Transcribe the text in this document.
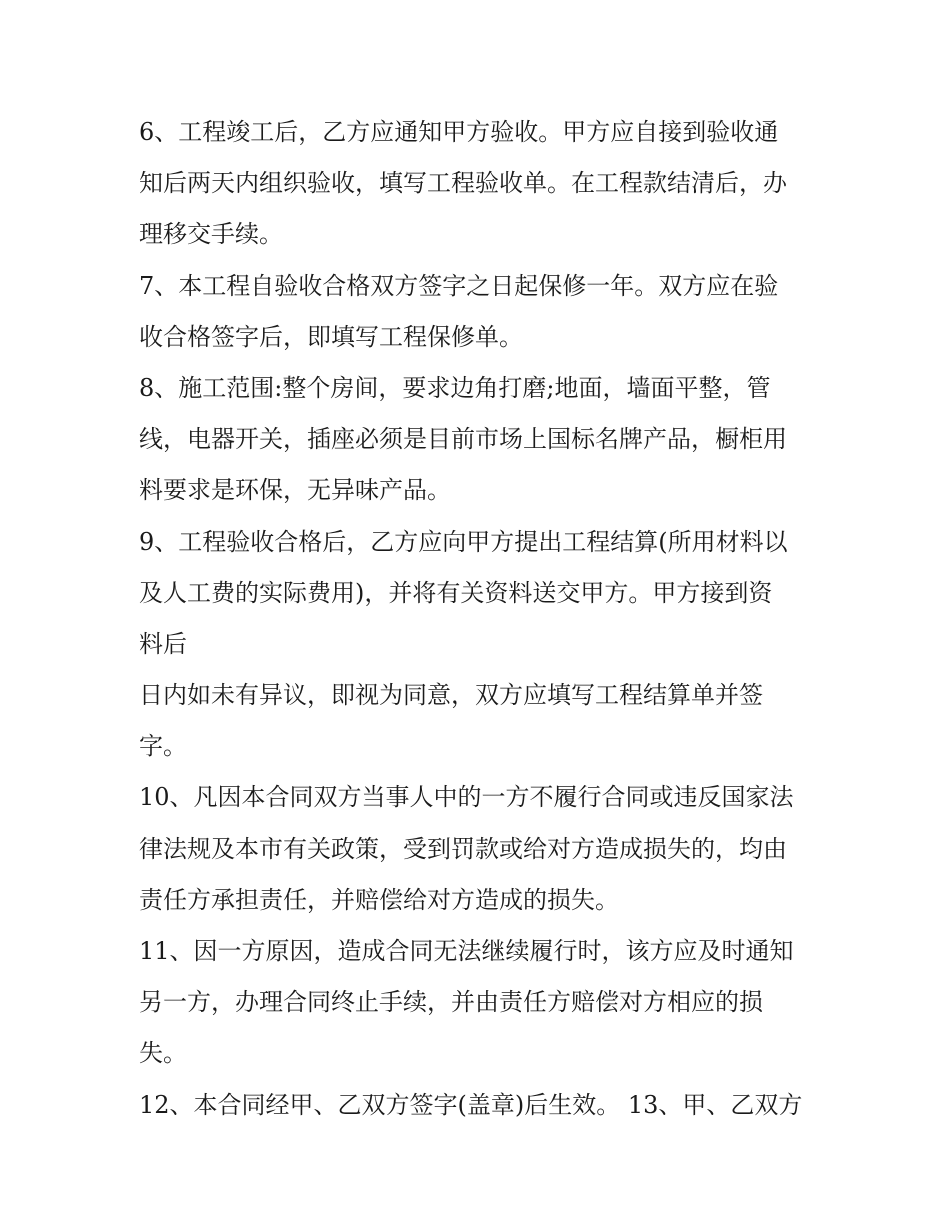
6、工程竣工后，乙方应通知甲方验收。甲方应自接到验收通
知后两天内组织验收，填写工程验收单。在工程款结清后，办
理移交手续。
7、本工程自验收合格双方签字之日起保修一年。双方应在验
收合格签字后，即填写工程保修单。
8、施工范围:整个房间，要求边角打磨;地面，墙面平整，管
线，电器开关，插座必须是目前市场上国标名牌产品，橱柜用
料要求是环保，无异味产品。
9、工程验收合格后，乙方应向甲方提出工程结算(所用材料以
及人工费的实际费用)，并将有关资料送交甲方。甲方接到资
料后
日内如未有异议，即视为同意，双方应填写工程结算单并签
字。
10、凡因本合同双方当事人中的一方不履行合同或违反国家法
律法规及本市有关政策，受到罚款或给对方造成损失的，均由
责任方承担责任，并赔偿给对方造成的损失。
11、因一方原因，造成合同无法继续履行时，该方应及时通知
另一方，办理合同终止手续，并由责任方赔偿对方相应的损
失。
12、本合同经甲、乙双方签字(盖章)后生效。 13、甲、乙双方
